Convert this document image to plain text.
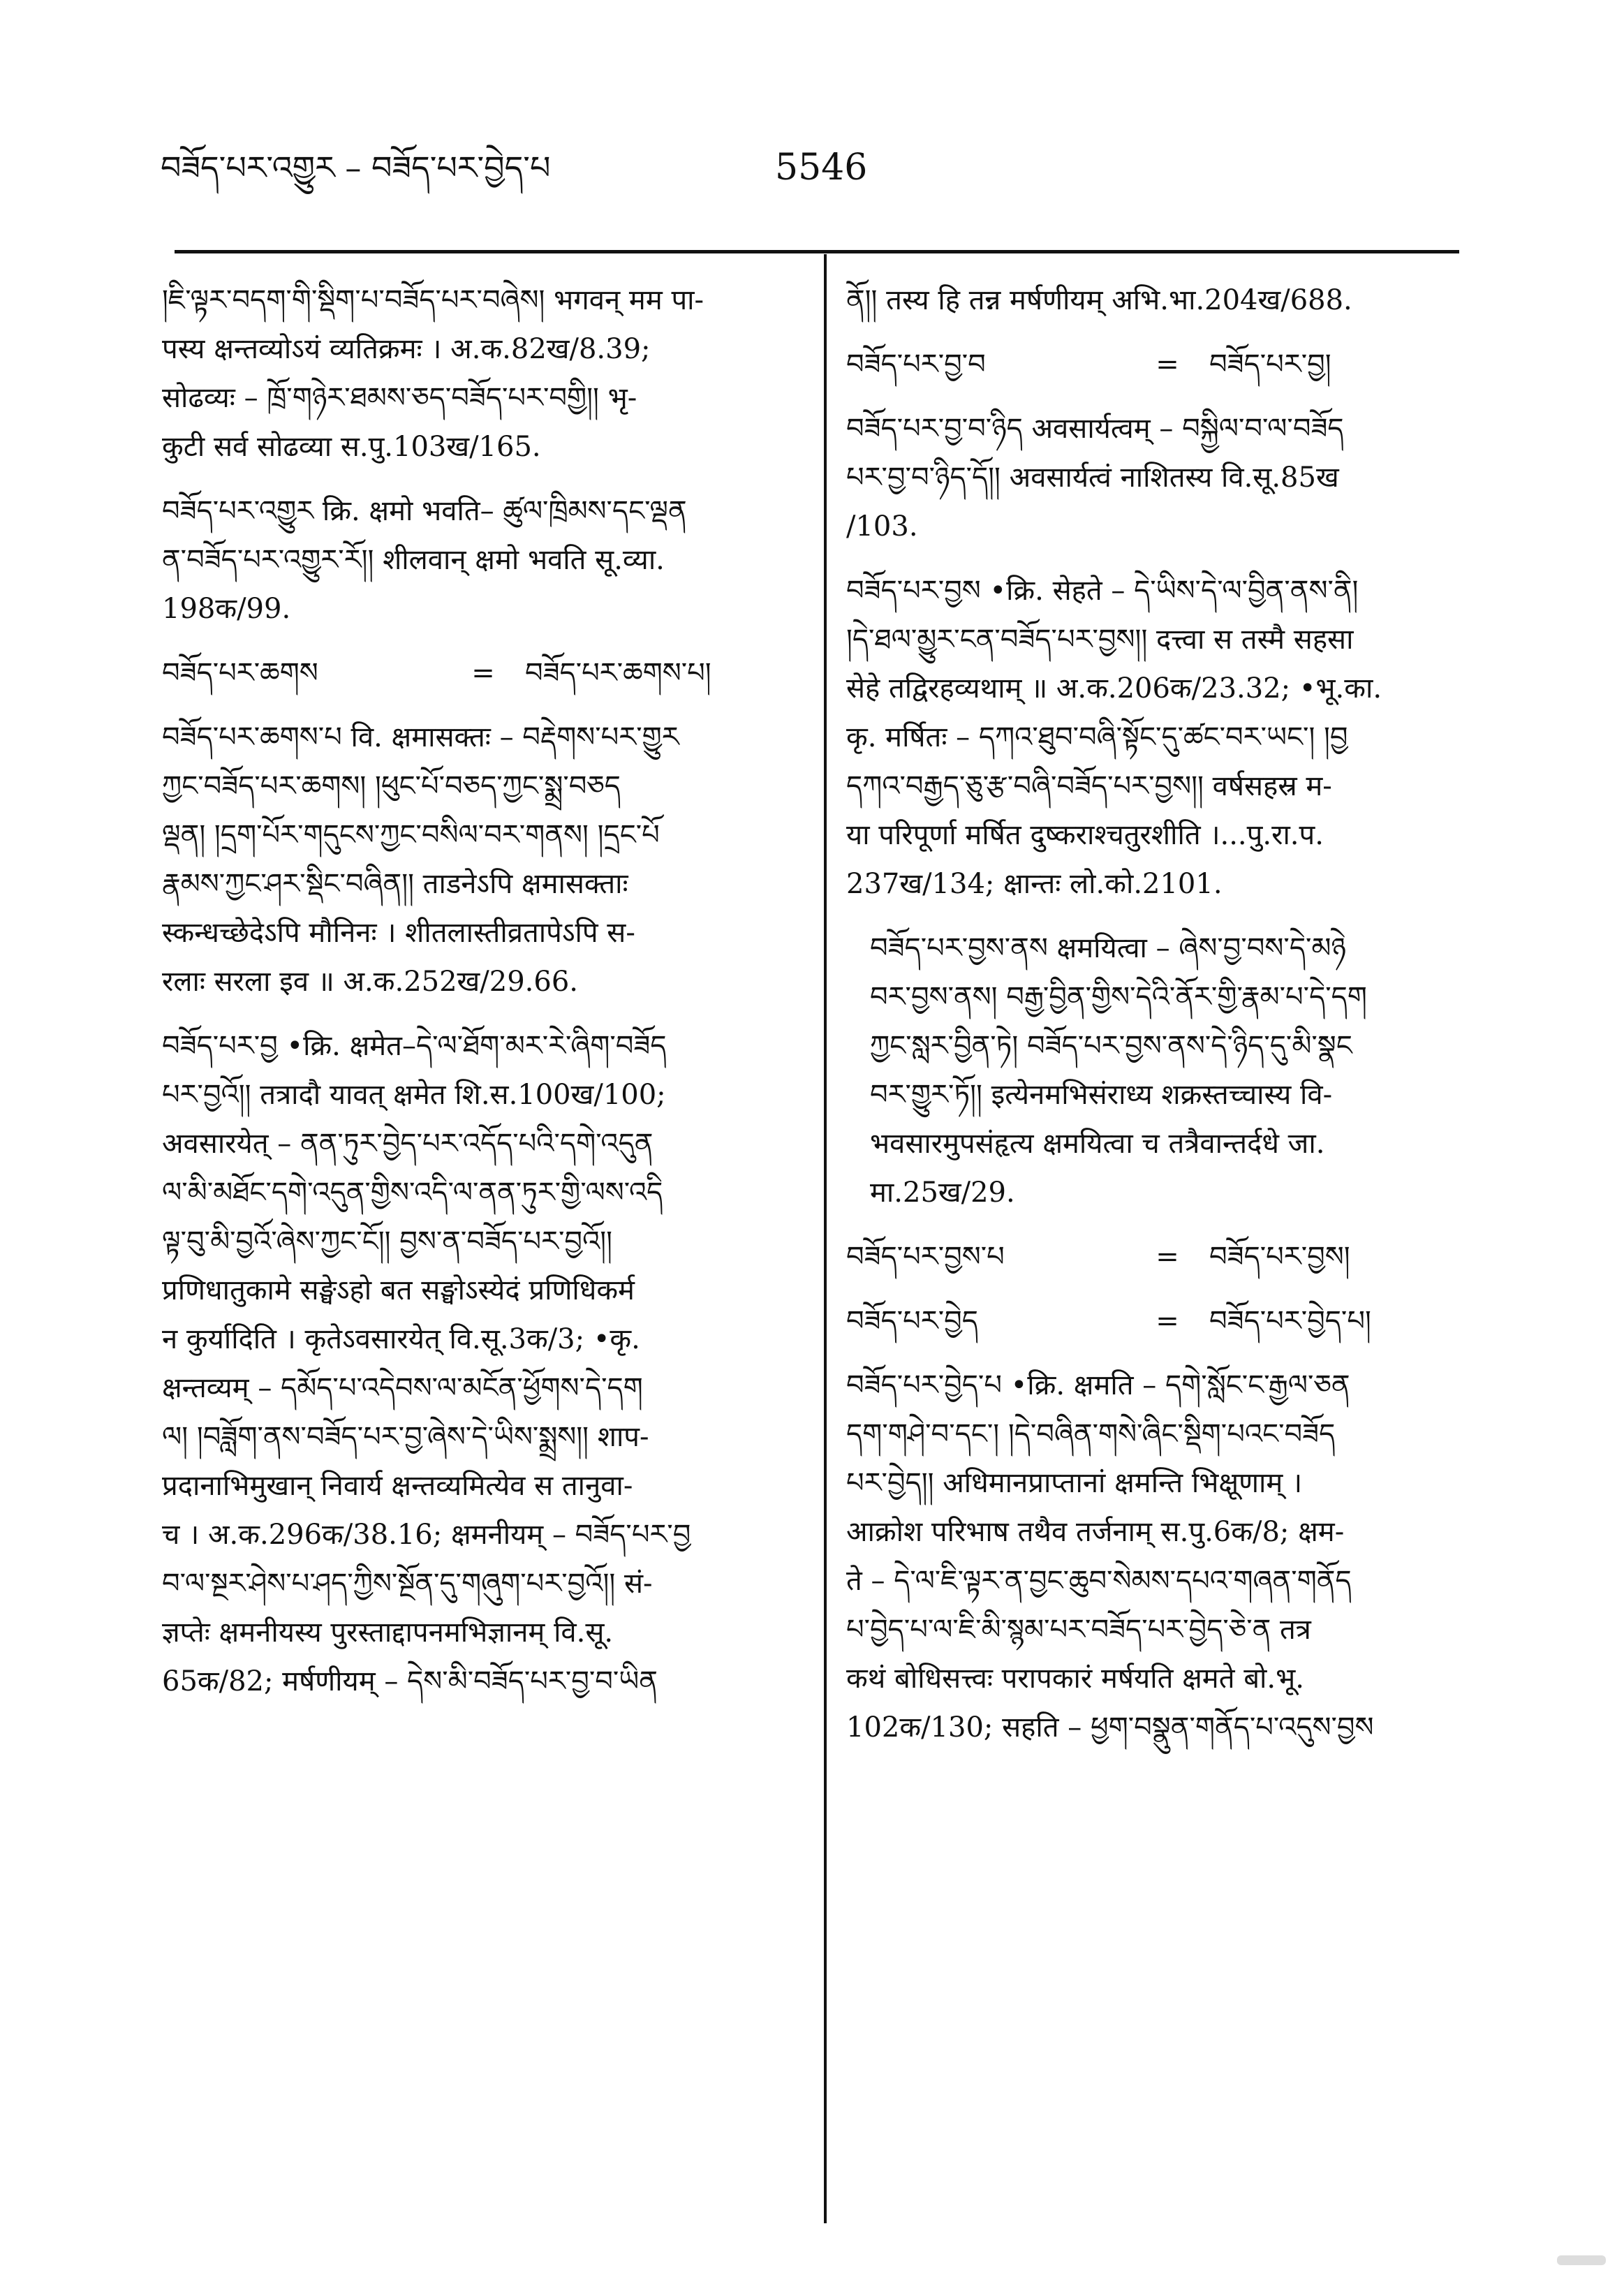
བཟོད་པར་འགྱུར – བཟོད་པར་བྱེད་པ	5546
།ཇི་ལྟར་བདག་གི་སྡིག་པ་བཟོད་པར་བཞེས། भगवन् मम पा-
पस्य क्षन्तव्योऽयं व्यतिक्रमः । अ.क.82ख/8.39;
सोढव्यः – ཁྲོ་གཉེར་ཐམས་ཅད་བཟོད་པར་བགྱི།། भृ-
कुटी सर्व सोढव्या स.पु.103ख/165.
བཟོད་པར་འགྱུར क्रि. क्षमो भवति– ཚུལ་ཁྲིམས་དང་ལྡན
ན་བཟོད་པར་འགྱུར་རོ།། शीलवान् क्षमो भवति सू.व्या.
198क/99.
བཟོད་པར་ཆགས	= བཟོད་པར་ཆགས་པ།
བཟོད་པར་ཆགས་པ वि. क्षमासक्तः – བརྡེགས་པར་གྱུར
ཀྱང་བཟོད་པར་ཆགས། །ཕུང་པོ་བཅད་ཀྱང་སྨྲ་བཅད
ལྡན། །དྲག་པོར་གདུངས་ཀྱང་བསིལ་བར་གནས། །དྲང་པོ
རྣམས་ཀྱང་ཤར་སྡིང་བཞིན།། ताडनेऽपि क्षमासक्ताः
स्कन्धच्छेदेऽपि मौनिनः । शीतलास्तीव्रतापेऽपि स-
रलाः सरला इव ॥ अ.क.252ख/29.66.
བཟོད་པར་བྱ •क्रि. क्षमेत–དེ་ལ་ཐོག་མར་རེ་ཞིག་བཟོད
པར་བྱའོ།། तत्रादौ यावत् क्षमेत शि.स.100ख/100;
अवसारयेत् – ནན་ཏུར་བྱེད་པར་འདོད་པའི་དགེ་འདུན
ལ་མི་མཐོང་དགེ་འདུན་གྱིས་འདི་ལ་ནན་ཏུར་གྱི་ལས་འདི
ལྟ་བུ་མི་བྱའོ་ཞེས་ཀྱང་ངོ།། བྱས་ན་བཟོད་པར་བྱའོ།།
प्रणिधातुकामे सङ्घेऽहो बत सङ्घोऽस्येदं प्रणिधिकर्म
न कुर्यादिति । कृतेऽवसारयेत् वि.सू.3क/3; •कृ.
क्षन्तव्यम् – དམོད་པ་འདེབས་ལ་མངོན་ཕྱོགས་དེ་དག
ལ། །བཟློག་ནས་བཟོད་པར་བྱ་ཞེས་དེ་ཡིས་སྨྲས།། शाप-
प्रदानाभिमुखान् निवार्य क्षन्तव्यमित्येव स तानुवा-
च । अ.क.296क/38.16; क्षमनीयम् – བཟོད་པར་བྱ
བ་ལ་སྔར་ཤེས་པ་ཤད་ཀྱིས་སྔོན་དུ་གཞུག་པར་བྱའོ།། सं-
ज्ञप्तेः क्षमनीयस्य पुरस्ताद्दापनमभिज्ञानम् वि.सू.
65क/82; मर्षणीयम् – དེས་མི་བཟོད་པར་བྱ་བ་ཡིན
ནོ།། तस्य हि तन्न मर्षणीयम् अभि.भा.204ख/688.
བཟོད་པར་བྱ་བ	= བཟོད་པར་བྱ།
བཟོད་པར་བྱ་བ་ཉིད अवसार्यत्वम् – བསྐྱིལ་བ་ལ་བཟོད
པར་བྱ་བ་ཉིད་དོ།། अवसार्यत्वं नाशितस्य वि.सू.85ख
/103.
བཟོད་པར་བྱས •क्रि. सेहते – དེ་ཡིས་དེ་ལ་བྱིན་ནས་ནི།
།དེ་ཐལ་མྱུར་ངན་བཟོད་པར་བྱས།། दत्त्वा स तस्मै सहसा
सेहे तद्विरहव्यथाम् ॥ अ.क.206क/23.32; •भू.का.
कृ. मर्षितः – དཀའ་ཐུབ་བཞི་སྟོང་དུ་ཚང་བར་ཡང་། །བྱ
དཀའ་བརྒྱད་ཅུ་རྩ་བཞི་བཟོད་པར་བྱས།། वर्षसहस्र म-
या परिपूर्णा मर्षित दुष्कराश्चतुरशीति ।...पु.रा.प.
237ख/134; क्षान्तः लो.को.2101.
བཟོད་པར་བྱས་ནས क्षमयित्वा – ཞེས་བྱ་བས་དེ་མཉེ
བར་བྱས་ནས། བརྒྱ་བྱིན་གྱིས་དེའི་ནོར་གྱི་རྣམ་པ་དེ་དག
ཀྱང་སླར་བྱིན་ཏེ། བཟོད་པར་བྱས་ནས་དེ་ཉིད་དུ་མི་སྣང
བར་གྱུར་ཏོ།། इत्येनमभिसंराध्य शक्रस्तच्चास्य वि-
भवसारमुपसंहृत्य क्षमयित्वा च तत्रैवान्तर्दधे जा.
मा.25ख/29.
བཟོད་པར་བྱས་པ	= བཟོད་པར་བྱས།
བཟོད་པར་བྱེད	= བཟོད་པར་བྱེད་པ།
བཟོད་པར་བྱེད་པ •क्रि. क्षमति – དགེ་སློང་ང་རྒྱལ་ཅན
དག་གཤེ་བ་དང་། །དེ་བཞིན་གསེ་ཞིང་སྡིག་པའང་བཟོད
པར་བྱེད།། अधिमानप्राप्तानां क्षमन्ति भिक्षूणाम् ।
आक्रोश परिभाष तथैव तर्जनाम् स.पु.6क/8; क्षम-
ते – དེ་ལ་ཇི་ལྟར་ན་བྱང་ཆུབ་སེམས་དཔའ་གཞན་གནོད
པ་བྱེད་པ་ལ་ཇི་མི་སྙམ་པར་བཟོད་པར་བྱེད་ཅེ་ན तत्र
कथं बोधिसत्त्वः परापकारं मर्षयति क्षमते बो.भू.
102क/130; सहति – ཕྱག་བསྣུན་གནོད་པ་འདུས་བྱས
